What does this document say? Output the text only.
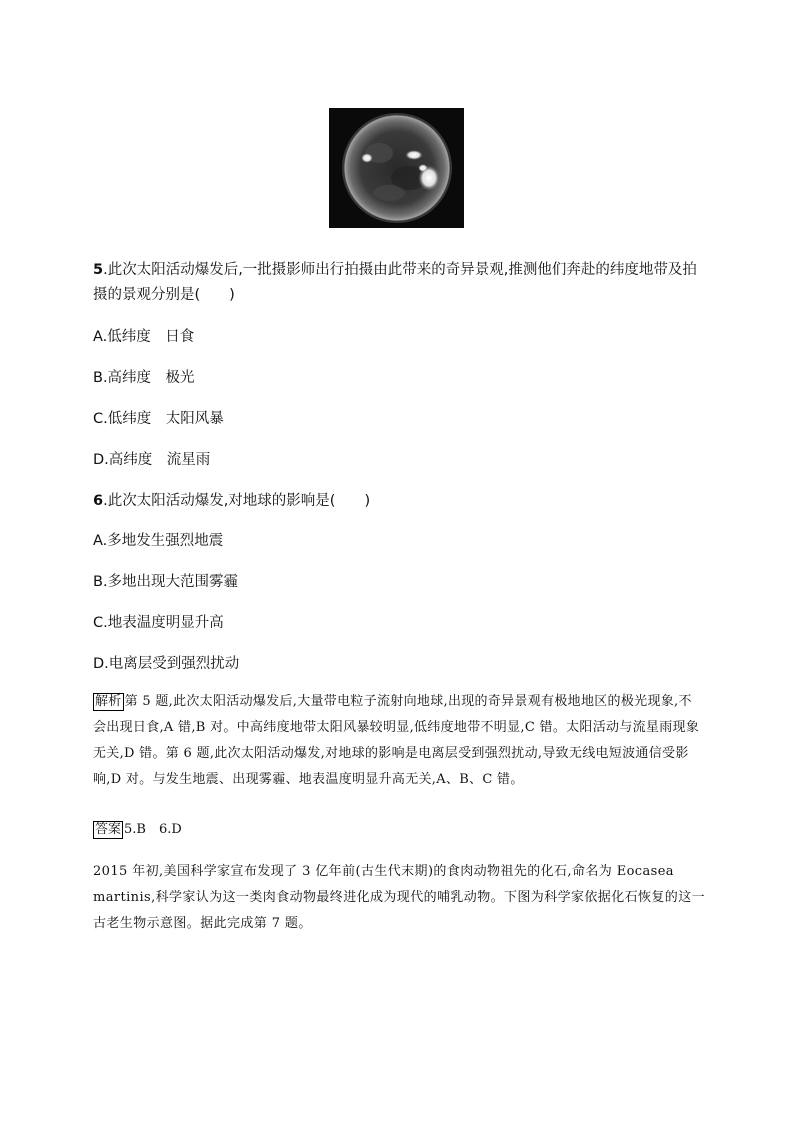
5.此次太阳活动爆发后,一批摄影师出行拍摄由此带来的奇异景观,推测他们奔赴的纬度地带及拍摄的景观分别是(　　)
A.低纬度　日食
B.高纬度　极光
C.低纬度　太阳风暴
D.高纬度　流星雨
6.此次太阳活动爆发,对地球的影响是(　　)
A.多地发生强烈地震
B.多地出现大范围雾霾
C.地表温度明显升高
D.电离层受到强烈扰动
解析 第 5 题,此次太阳活动爆发后,大量带电粒子流射向地球,出现的奇异景观有极地地区的极光现象,不会出现日食,A 错,B 对。中高纬度地带太阳风暴较明显,低纬度地带不明显,C 错。太阳活动与流星雨现象无关,D 错。第 6 题,此次太阳活动爆发,对地球的影响是电离层受到强烈扰动,导致无线电短波通信受影响,D 对。与发生地震、出现雾霾、地表温度明显升高无关,A、B、C 错。
答案 5.B　6.D
2015 年初,美国科学家宣布发现了 3 亿年前(古生代末期)的食肉动物祖先的化石,命名为 Eocasea martinis,科学家认为这一类肉食动物最终进化成为现代的哺乳动物。下图为科学家依据化石恢复的这一古老生物示意图。据此完成第 7 题。
